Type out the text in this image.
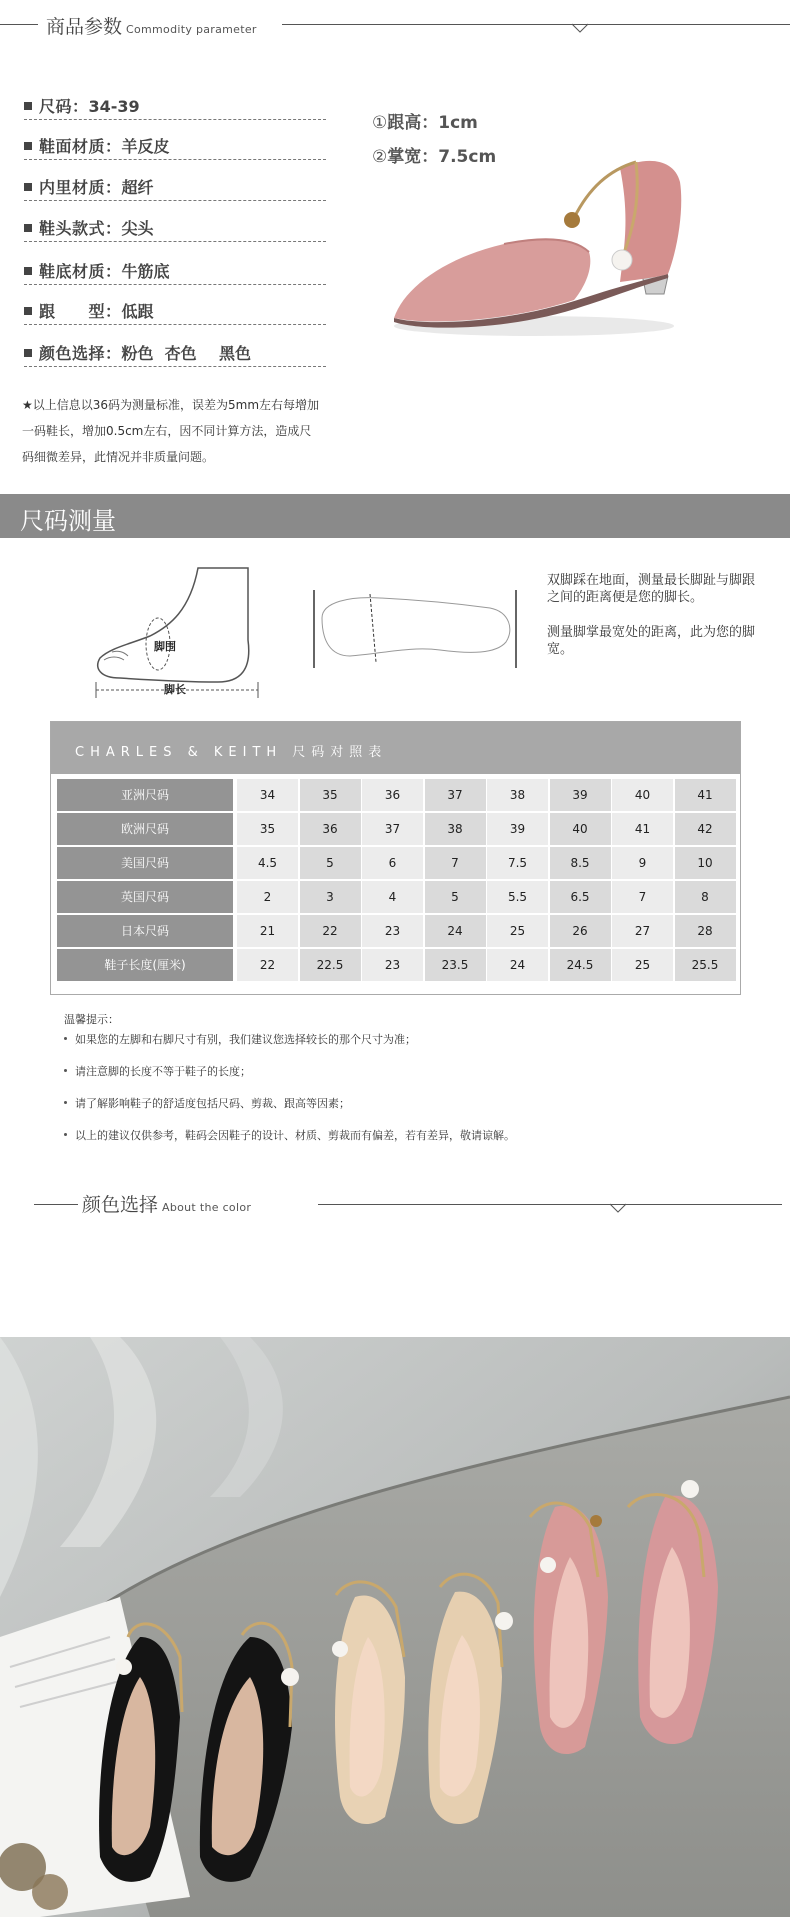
商品参数 Commodity parameter
尺码：34-39
鞋面材质：羊反皮
内里材质：超纤
鞋头款式：尖头
鞋底材质：牛筋底
跟　　型：低跟
颜色选择：粉色  杏色    黑色
①跟高：1cm
②掌宽：7.5cm
★以上信息以36码为测量标准，误差为5mm左右每增加
一码鞋长，增加0.5cm左右，因不同计算方法，造成尺
码细微差异，此情况并非质量问题。
尺码测量
脚围
脚长
双脚踩在地面，测量最长脚趾与脚跟之间的距离便是您的脚长。
测量脚掌最宽处的距离，此为您的脚宽。
CHARLES & KEITH 尺码对照表
亚洲尺码	34	35	36	37	38	39	40	41
欧洲尺码	35	36	37	38	39	40	41	42
美国尺码	4.5	5	6	7	7.5	8.5	9	10
英国尺码	2	3	4	5	5.5	6.5	7	8
日本尺码	21	22	23	24	25	26	27	28
鞋子长度(厘米)	22	22.5	23	23.5	24	24.5	25	25.5
温馨提示：
如果您的左脚和右脚尺寸有别，我们建议您选择较长的那个尺寸为准；
请注意脚的长度不等于鞋子的长度；
请了解影响鞋子的舒适度包括尺码、剪裁、跟高等因素；
以上的建议仅供参考，鞋码会因鞋子的设计、材质、剪裁而有偏差，若有差异，敬请谅解。
颜色选择 About the color
